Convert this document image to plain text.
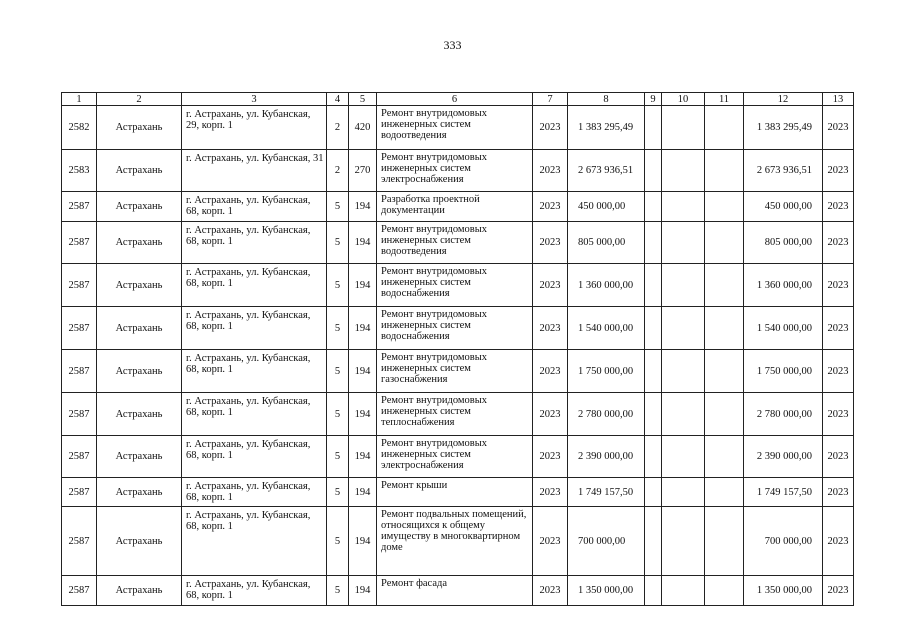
333
1	2	3	4	5	6	7	8	9	10	11	12	13
2582	Астрахань	г. Астрахань, ул. Кубанская, 29, корп. 1	2	420	Ремонт внутридомовых инженерных систем водоотведения	2023	1 383 295,49				1 383 295,49	2023
2583	Астрахань	г. Астрахань, ул. Кубанская, 31	2	270	Ремонт внутридомовых инженерных систем электроснабжения	2023	2 673 936,51				2 673 936,51	2023
2587	Астрахань	г. Астрахань, ул. Кубанская, 68, корп. 1	5	194	Разработка проектной документации	2023	450 000,00				450 000,00	2023
2587	Астрахань	г. Астрахань, ул. Кубанская, 68, корп. 1	5	194	Ремонт внутридомовых инженерных систем водоотведения	2023	805 000,00				805 000,00	2023
2587	Астрахань	г. Астрахань, ул. Кубанская, 68, корп. 1	5	194	Ремонт внутридомовых инженерных систем водоснабжения	2023	1 360 000,00				1 360 000,00	2023
2587	Астрахань	г. Астрахань, ул. Кубанская, 68, корп. 1	5	194	Ремонт внутридомовых инженерных систем водоснабжения	2023	1 540 000,00				1 540 000,00	2023
2587	Астрахань	г. Астрахань, ул. Кубанская, 68, корп. 1	5	194	Ремонт внутридомовых инженерных систем газоснабжения	2023	1 750 000,00				1 750 000,00	2023
2587	Астрахань	г. Астрахань, ул. Кубанская, 68, корп. 1	5	194	Ремонт внутридомовых инженерных систем теплоснабжения	2023	2 780 000,00				2 780 000,00	2023
2587	Астрахань	г. Астрахань, ул. Кубанская, 68, корп. 1	5	194	Ремонт внутридомовых инженерных систем электроснабжения	2023	2 390 000,00				2 390 000,00	2023
2587	Астрахань	г. Астрахань, ул. Кубанская, 68, корп. 1	5	194	Ремонт крыши	2023	1 749 157,50				1 749 157,50	2023
2587	Астрахань	г. Астрахань, ул. Кубанская, 68, корп. 1	5	194	Ремонт подвальных помещений, относящихся к общему имуществу в многоквартирном доме	2023	700 000,00				700 000,00	2023
2587	Астрахань	г. Астрахань, ул. Кубанская, 68, корп. 1	5	194	Ремонт фасада	2023	1 350 000,00				1 350 000,00	2023
